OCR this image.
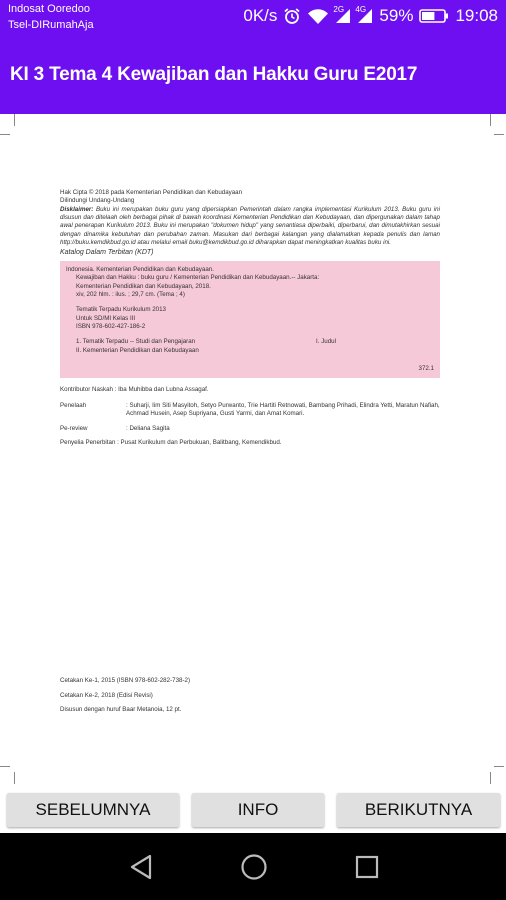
Indosat Ooredoo
Tsel-DIRumahAja	0K/s	2G 4G 59% 19:08
KI 3 Tema 4 Kewajiban dan Hakku Guru E2017

Hak Cipta © 2018 pada Kementerian Pendidikan dan Kebudayaan

Dilindungi Undang-Undang

Disklaimer: Buku ini merupakan buku guru yang dipersiapkan Pemerintah dalam rangka implementasi Kurikulum 2013. Buku guru ini disusun dan ditelaah oleh berbagai pihak di bawah koordinasi Kementerian Pendidikan dan Kebudayaan, dan dipergunakan dalam tahap awal penerapan Kurikulum 2013. Buku ini merupakan "dokumen hidup" yang senantiasa diperbaiki, diperbarui, dan dimutakhirkan sesuai dengan dinamika kebutuhan dan perubahan zaman. Masukan dari berbagai kalangan yang dialamatkan kepada penulis dan laman http://buku.kemdikbud.go.id atau melalui email buku@kemdikbud.go.id diharapkan dapat meningkatkan kualitas buku ini.

Katalog Dalam Terbitan (KDT)

Indonesia. Kementerian Pendidikan dan Kebudayaan.

Kewajiban dan Hakku : buku guru / Kementerian Pendidikan dan Kebudayaan.-- Jakarta:

Kementerian Pendidikan dan Kebudayaan, 2018.

xiv, 202 hlm. : ilus. ; 29,7 cm. (Tema ; 4)

Tematik Terpadu Kurikulum 2013

Untuk SD/MI Kelas III

ISBN 978-602-427-186-2

1. Tematik Terpadu -- Studi dan Pengajaran	I. Judul

II. Kementerian Pendidikan dan Kebudayaan

372.1

Kontributor Naskah : Iba Muhibba dan Lubna Assagaf.

Penelaah	: Suharji, Iim Siti Masyitoh, Setyo Purwanto, Trie Hartiti Retnowati, Bambang Prihadi, Elindra Yetti, Maratun Nafiah, Achmad Husein, Asep Supriyana, Gusti Yarmi, dan Amat Komari.
Pe-review	: Deliana Sagita

Penyelia Penerbitan : Pusat Kurikulum dan Perbukuan, Balitbang, Kemendikbud.

Cetakan Ke-1, 2015 (ISBN 978-602-282-738-2)

Cetakan Ke-2, 2018 (Edisi Revisi)

Disusun dengan huruf Baar Metanoia, 12 pt.

SEBELUMNYA	INFO	BERIKUTNYA
